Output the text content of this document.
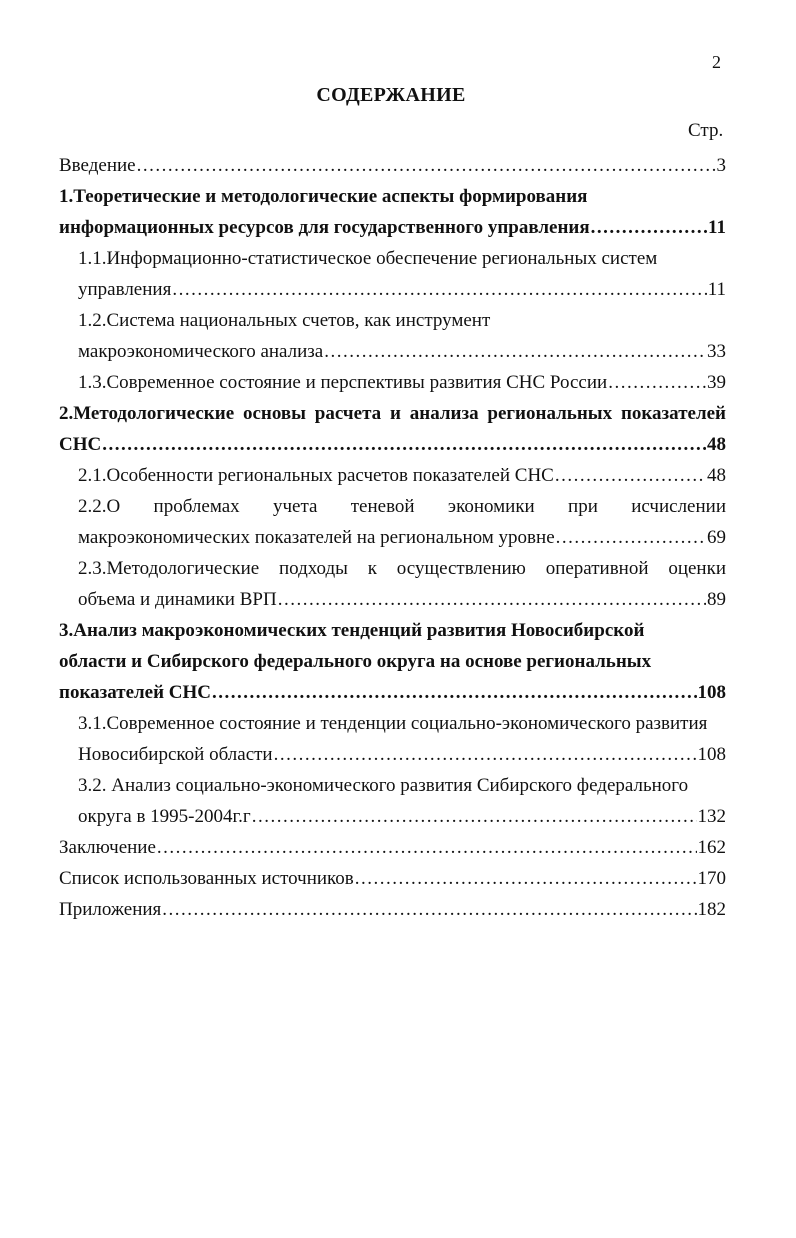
2
СОДЕРЖАНИЕ
Стр.
Введение .....	3
1.Теоретические и методологические аспекты формирования
информационных ресурсов для государственного управления .....	11
1.1.Информационно-статистическое обеспечение региональных систем
управления .....	11
1.2.Система национальных счетов, как инструмент
макроэкономического анализа .....	33
1.3.Современное состояние и перспективы развития СНС России .....	39
2.Методологические основы расчета и анализа региональных показателей
СНС .....	48
2.1.Особенности региональных расчетов показателей СНС .....	48
2.2.О проблемах учета теневой экономики при исчислении
макроэкономических показателей на региональном уровне .....	69
2.3.Методологические подходы к осуществлению оперативной оценки
объема и динамики ВРП .....	89
3.Анализ макроэкономических тенденций развития Новосибирской
области и Сибирского федерального округа на основе региональных
показателей СНС .....	108
3.1.Современное состояние и тенденции социально-экономического развития
Новосибирской области .....	108
3.2. Анализ социально-экономического развития Сибирского федерального
округа в 1995-2004г.г .....	132
Заключение .....	162
Список использованных источников .....	170
Приложения .....	182
